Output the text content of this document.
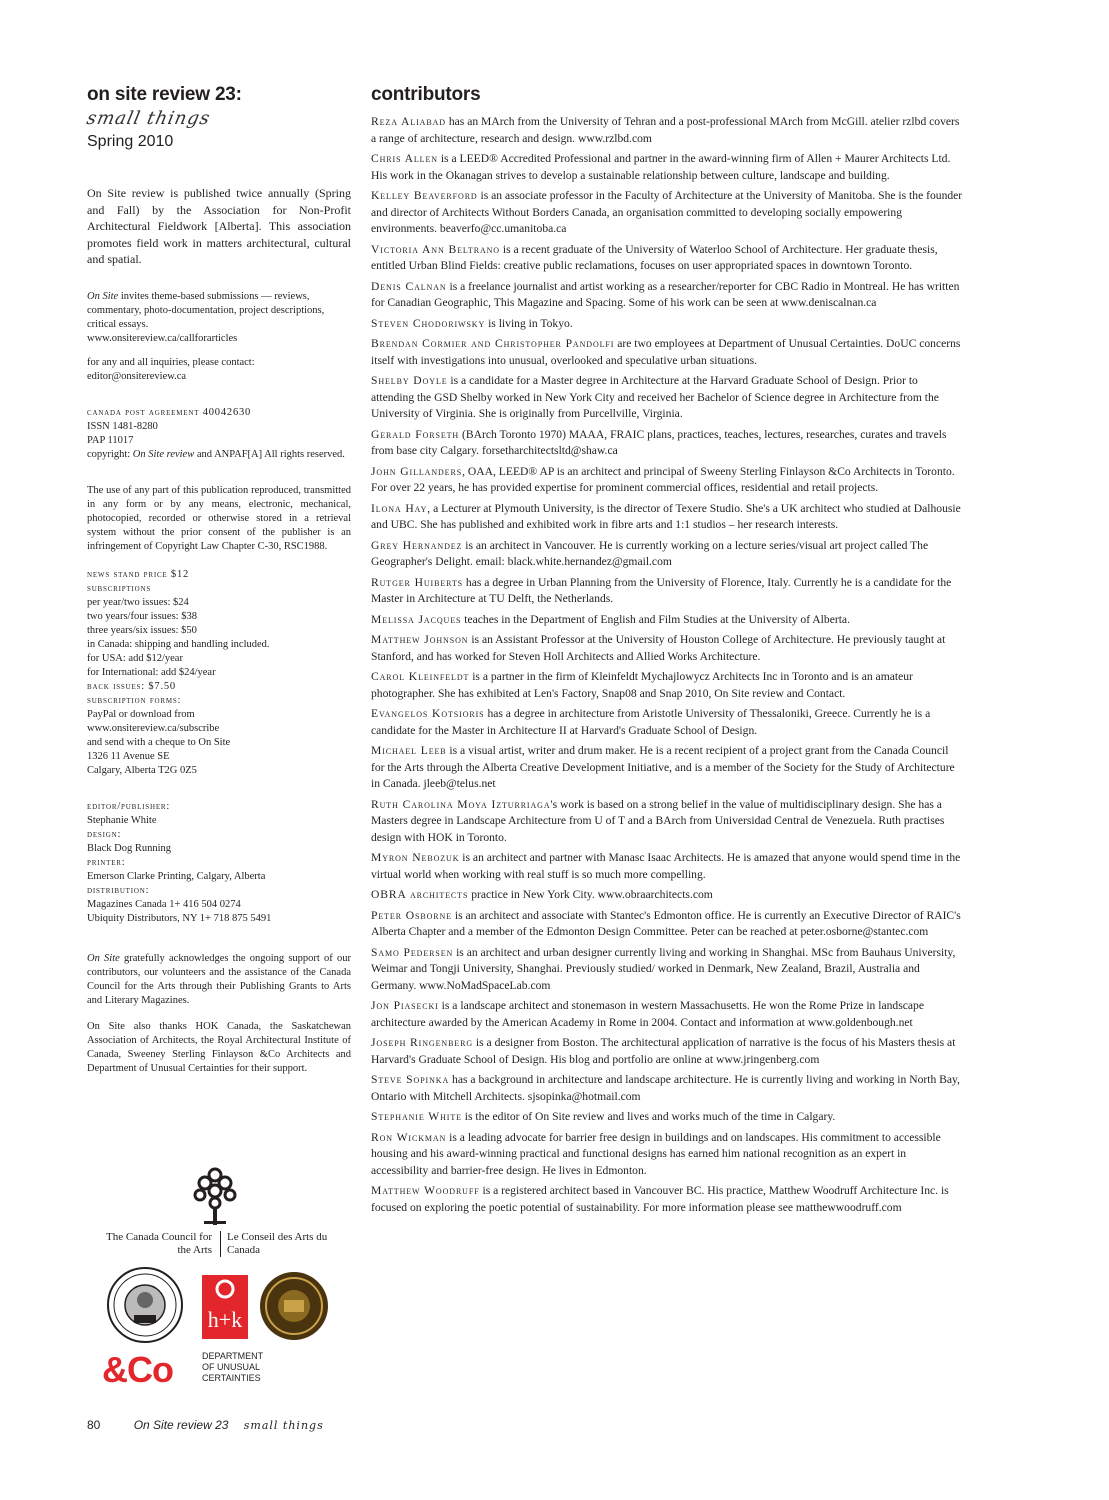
on site review 23:
small things
Spring 2010
On Site review is published twice annually (Spring and Fall) by the Association for Non-Profit Architectural Fieldwork [Alberta]. This association promotes field work in matters architectural, cultural and spatial.
On Site invites theme-based submissions — reviews, commentary, photo-documentation, project descriptions, critical essays.
www.onsitereview.ca/callforarticles
for any and all inquiries, please contact:
editor@onsitereview.ca
canada post agreement 40042630
ISSN 1481-8280
PAP 11017
copyright: On Site review and ANPAF[A] All rights reserved.
The use of any part of this publication reproduced, transmitted in any form or by any means, electronic, mechanical, photocopied, recorded or otherwise stored in a retrieval system without the prior consent of the publisher is an infringement of Copyright Law Chapter C-30, RSC1988.
news stand price $12
subscriptions
per year/two issues: $24
two years/four issues: $38
three years/six issues: $50
in Canada: shipping and handling included.
for USA: add $12/year
for International: add $24/year
back issues: $7.50
subscription forms:
PayPal or download from
www.onsitereview.ca/subscribe
and send with a cheque to On Site
1326 11 Avenue SE
Calgary, Alberta T2G 0Z5
editor/publisher:
Stephanie White
design:
Black Dog Running
printer:
Emerson Clarke Printing, Calgary, Alberta
distribution:
Magazines Canada 1+ 416 504 0274
Ubiquity Distributors, NY 1+ 718 875 5491
On Site gratefully acknowledges the ongoing support of our contributors, our volunteers and the assistance of the Canada Council for the Arts through their Publishing Grants to Arts and Literary Magazines.
On Site also thanks HOK Canada, the Saskatchewan Association of Architects, the Royal Architectural Institute of Canada, Sweeney Sterling Finlayson &Co Architects and Department of Unusual Certainties for their support.
The Canada Council for the Arts
Le Conseil des Arts du Canada
h+k
&Co	DEPARTMENT
OF UNUSUAL
CERTAINTIES
80	On Site review 23 small things
contributors

Reza Aliabad has an MArch from the University of Tehran and a post-professional MArch from McGill. atelier rzlbd covers a range of architecture, research and design. www.rzlbd.com

Chris Allen is a LEED® Accredited Professional and partner in the award-winning firm of Allen + Maurer Architects Ltd. His work in the Okanagan strives to develop a sustainable relationship between culture, landscape and building.

Kelley Beaverford is an associate professor in the Faculty of Architecture at the University of Manitoba. She is the founder and director of Architects Without Borders Canada, an organisation committed to developing socially empowering environments. beaverfo@cc.umanitoba.ca

Victoria Ann Beltrano is a recent graduate of the University of Waterloo School of Architecture. Her graduate thesis, entitled Urban Blind Fields: creative public reclamations, focuses on user appropriated spaces in downtown Toronto.

Denis Calnan is a freelance journalist and artist working as a researcher/reporter for CBC Radio in Montreal. He has written for Canadian Geographic, This Magazine and Spacing. Some of his work can be seen at www.deniscalnan.ca

Steven Chodoriwsky is living in Tokyo.

Brendan Cormier and Christopher Pandolfi are two employees at Department of Unusual Certainties. DoUC concerns itself with investigations into unusual, overlooked and speculative urban situations.

Shelby Doyle is a candidate for a Master degree in Architecture at the Harvard Graduate School of Design. Prior to attending the GSD Shelby worked in New York City and received her Bachelor of Science degree in Architecture from the University of Virginia. She is originally from Purcellville, Virginia.

Gerald Forseth (BArch Toronto 1970) MAAA, FRAIC plans, practices, teaches, lectures, researches, curates and travels from base city Calgary. forsetharchitectsltd@shaw.ca

John Gillanders, OAA, LEED® AP is an architect and principal of Sweeny Sterling Finlayson &Co Architects in Toronto. For over 22 years, he has provided expertise for prominent commercial offices, residential and retail projects.

Ilona Hay, a Lecturer at Plymouth University, is the director of Texere Studio. She's a UK architect who studied at Dalhousie and UBC. She has published and exhibited work in fibre arts and 1:1 studios – her research interests.

Grey Hernandez is an architect in Vancouver. He is currently working on a lecture series/visual art project called The Geographer's Delight. email: black.white.hernandez@gmail.com

Rutger Huiberts has a degree in Urban Planning from the University of Florence, Italy. Currently he is a candidate for the Master in Architecture at TU Delft, the Netherlands.

Melissa Jacques teaches in the Department of English and Film Studies at the University of Alberta.

Matthew Johnson is an Assistant Professor at the University of Houston College of Architecture. He previously taught at Stanford, and has worked for Steven Holl Architects and Allied Works Architecture.

Carol Kleinfeldt is a partner in the firm of Kleinfeldt Mychajlowycz Architects Inc in Toronto and is an amateur photographer. She has exhibited at Len's Factory, Snap08 and Snap 2010, On Site review and Contact.

Evangelos Kotsioris has a degree in architecture from Aristotle University of Thessaloniki, Greece. Currently he is a candidate for the Master in Architecture II at Harvard's Graduate School of Design.

Michael Leeb is a visual artist, writer and drum maker. He is a recent recipient of a project grant from the Canada Council for the Arts through the Alberta Creative Development Initiative, and is a member of the Society for the Study of Architecture in Canada. jleeb@telus.net

Ruth Carolina Moya Izturriaga's work is based on a strong belief in the value of multidisciplinary design. She has a Masters degree in Landscape Architecture from U of T and a BArch from Universidad Central de Venezuela. Ruth practises design with HOK in Toronto.

Myron Nebozuk is an architect and partner with Manasc Isaac Architects. He is amazed that anyone would spend time in the virtual world when working with real stuff is so much more compelling.

OBRA architects practice in New York City. www.obraarchitects.com

Peter Osborne is an architect and associate with Stantec's Edmonton office. He is currently an Executive Director of RAIC's Alberta Chapter and a member of the Edmonton Design Committee. Peter can be reached at peter.osborne@stantec.com

Samo Pedersen is an architect and urban designer currently living and working in Shanghai. MSc from Bauhaus University, Weimar and Tongji University, Shanghai. Previously studied/ worked in Denmark, New Zealand, Brazil, Australia and Germany. www.NoMadSpaceLab.com

Jon Piasecki is a landscape architect and stonemason in western Massachusetts. He won the Rome Prize in landscape architecture awarded by the American Academy in Rome in 2004. Contact and information at www.goldenbough.net

Joseph Ringenberg is a designer from Boston. The architectural application of narrative is the focus of his Masters thesis at Harvard's Graduate School of Design. His blog and portfolio are online at www.jringenberg.com

Steve Sopinka has a background in architecture and landscape architecture. He is currently living and working in North Bay, Ontario with Mitchell Architects. sjsopinka@hotmail.com

Stephanie White is the editor of On Site review and lives and works much of the time in Calgary.

Ron Wickman is a leading advocate for barrier free design in buildings and on landscapes. His commitment to accessible housing and his award-winning practical and functional designs has earned him national recognition as an expert in accessibility and barrier-free design. He lives in Edmonton.

Matthew Woodruff is a registered architect based in Vancouver BC. His practice, Matthew Woodruff Architecture Inc. is focused on exploring the poetic potential of sustainability. For more information please see matthewwoodruff.com
